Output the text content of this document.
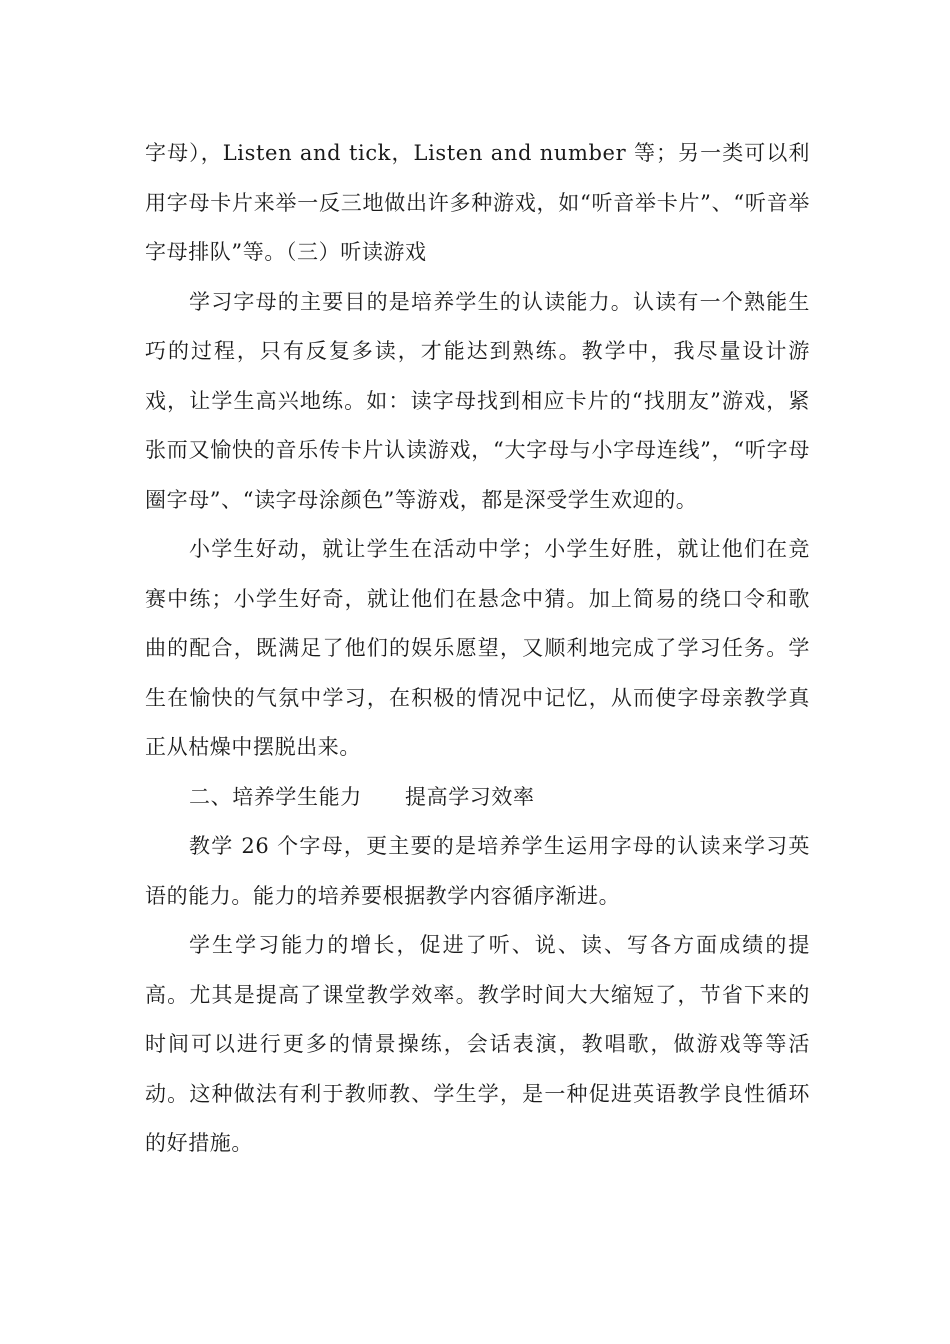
字母），Listen and tick，Listen and number 等；另一类可以利用字母卡片来举一反三地做出许多种游戏，如“听音举卡片”、“听音举字母排队”等。（三）听读游戏

学习字母的主要目的是培养学生的认读能力。认读有一个熟能生巧的过程，只有反复多读，才能达到熟练。教学中，我尽量设计游戏，让学生高兴地练。如：读字母找到相应卡片的“找朋友”游戏，紧张而又愉快的音乐传卡片认读游戏，“大字母与小字母连线”，“听字母圈字母”、“读字母涂颜色”等游戏，都是深受学生欢迎的。

小学生好动，就让学生在活动中学；小学生好胜，就让他们在竞赛中练；小学生好奇，就让他们在悬念中猜。加上简易的绕口令和歌曲的配合，既满足了他们的娱乐愿望，又顺利地完成了学习任务。学生在愉快的气氛中学习，在积极的情况中记忆，从而使字母亲教学真正从枯燥中摆脱出来。

二、培养学生能力　　提高学习效率

教学 26 个字母，更主要的是培养学生运用字母的认读来学习英语的能力。能力的培养要根据教学内容循序渐进。

学生学习能力的增长，促进了听、说、读、写各方面成绩的提高。尤其是提高了课堂教学效率。教学时间大大缩短了，节省下来的时间可以进行更多的情景操练，会话表演，教唱歌，做游戏等等活动。这种做法有利于教师教、学生学，是一种促进英语教学良性循环的好措施。
